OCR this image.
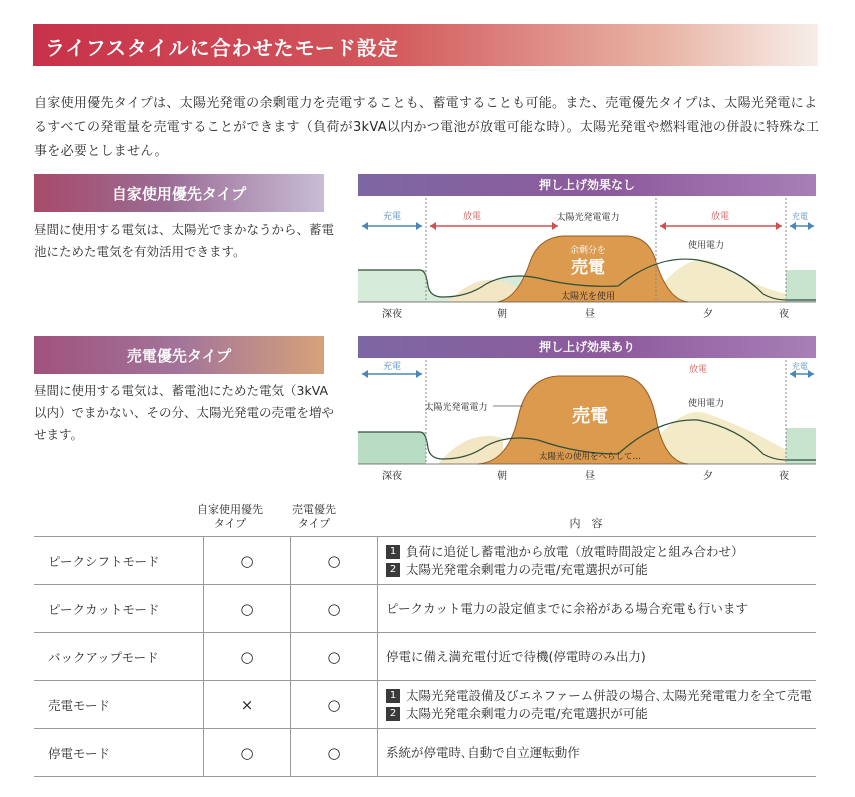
ライフスタイルに合わせたモード設定
自家使用優先タイプは、太陽光発電の余剰電力を売電することも、蓄電することも可能。また、売電優先タイプは、太陽光発電によるすべての発電量を売電することができます（負荷が3kVA以内かつ電池が放電可能な時）。太陽光発電や燃料電池の併設に特殊な工事を必要としません。
自家使用優先タイプ
昼間に使用する電気は、太陽光でまかなうから、蓄電池にためた電気を有効活用できます。
売電優先タイプ
昼間に使用する電気は、蓄電池にためた電気（3kVA以内）でまかない、その分、太陽光発電の売電を増やせます。
押し上げ効果なし
充電	放電	放電	充電
太陽光発電電力
余剰分を
売電
使用電力
太陽光を使用
深夜	朝	昼	夕	夜
押し上げ効果あり
充電	放電	充電
太陽光発電電力	売電
使用電力
太陽光の使用をへらして…
深夜	朝	昼	夕	夜
自家使用優先
タイプ
売電優先
タイプ	内　容
ピークシフトモード	○	○	1 負荷に追従し蓄電池から放電（放電時間設定と組み合わせ）
2 太陽光発電余剰電力の売電/充電選択が可能

ピークカットモード	○	○	ピークカット電力の設定値までに余裕がある場合充電も行います

バックアップモード	○	○	停電に備え満充電付近で待機(停電時のみ出力)

売電モード	×	○	1 太陽光発電設備及びエネファーム併設の場合､太陽光発電電力を全て売電
2 太陽光発電余剰電力の売電/充電選択が可能

停電モード	○	○	系統が停電時､自動で自立運転動作
